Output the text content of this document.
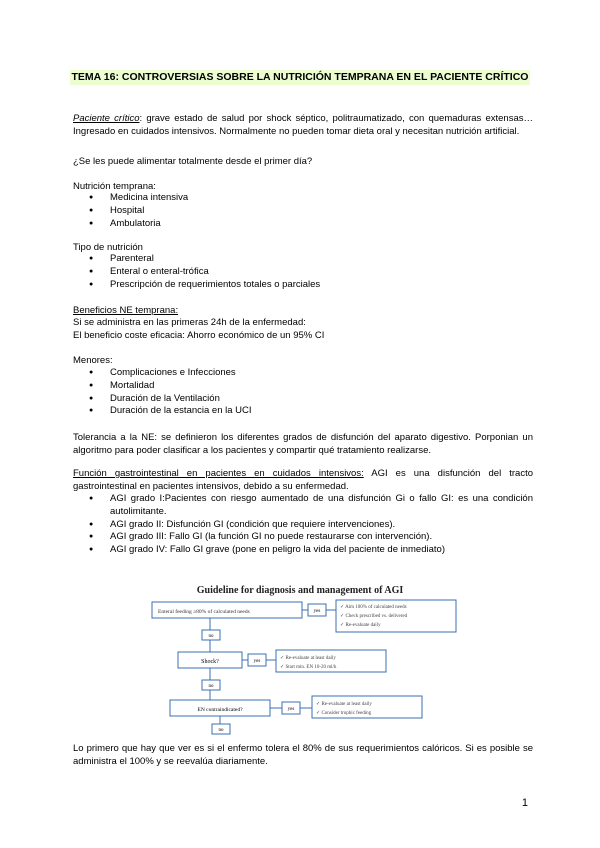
TEMA 16: CONTROVERSIAS SOBRE LA NUTRICIÓN TEMPRANA EN EL PACIENTE CRÍTICO
Paciente crítico: grave estado de salud por shock séptico, politraumatizado, con quemaduras extensas… Ingresado en cuidados intensivos. Normalmente no pueden tomar dieta oral y necesitan nutrición artificial.
¿Se les puede alimentar totalmente desde el primer día?
Nutrición temprana:
● Medicina intensiva
● Hospital
● Ambulatoria
Tipo de nutrición
● Parenteral
● Enteral o enteral-trófica
● Prescripción de requerimientos totales o parciales
Beneficios NE temprana:
Si se administra en las primeras 24h de la enfermedad:
El beneficio coste eficacia: Ahorro económico de un 95% CI
Menores:
● Complicaciones e Infecciones
● Mortalidad
● Duración de la Ventilación
● Duración de la estancia en la UCI
Tolerancia a la NE: se definieron los diferentes grados de disfunción del aparato digestivo. Porponian un algoritmo para poder clasificar a los pacientes y compartir qué tratamiento realizarse.
Función gastrointestinal en pacientes en cuidados intensivos: AGI es una disfunción del tracto gastrointestinal en pacientes intensivos, debido a su enfermedad.
● AGI grado I:Pacientes con riesgo aumentado de una disfunción Gi o fallo GI: es una condición autolimitante.
● AGI grado II: Disfunción GI (condición que requiere intervenciones).
● AGI grado III: Fallo GI (la función GI no puede restaurarse con intervención).
● AGI grado IV: Fallo GI grave (pone en peligro la vida del paciente de inmediato)
Guideline for diagnosis and management of AGI
Enteral feeding ≥80% of calculated needs	yes
✓ Aim 100% of calculated needs
✓ Check prescribed vs. delivered
✓ Re-evaluate daily
no
Shock?	yes
✓ Re-evaluate at least daily
✓ Start min. EN 10-20 ml/h
no
EN contraindicated?	yes
✓ Re-evaluate at least daily
✓ Consider trophic feeding
no
Lo primero que hay que ver es si el enfermo tolera el 80% de sus requerimientos calóricos. Si es posible se administra el 100% y se reevalúa diariamente.
1
